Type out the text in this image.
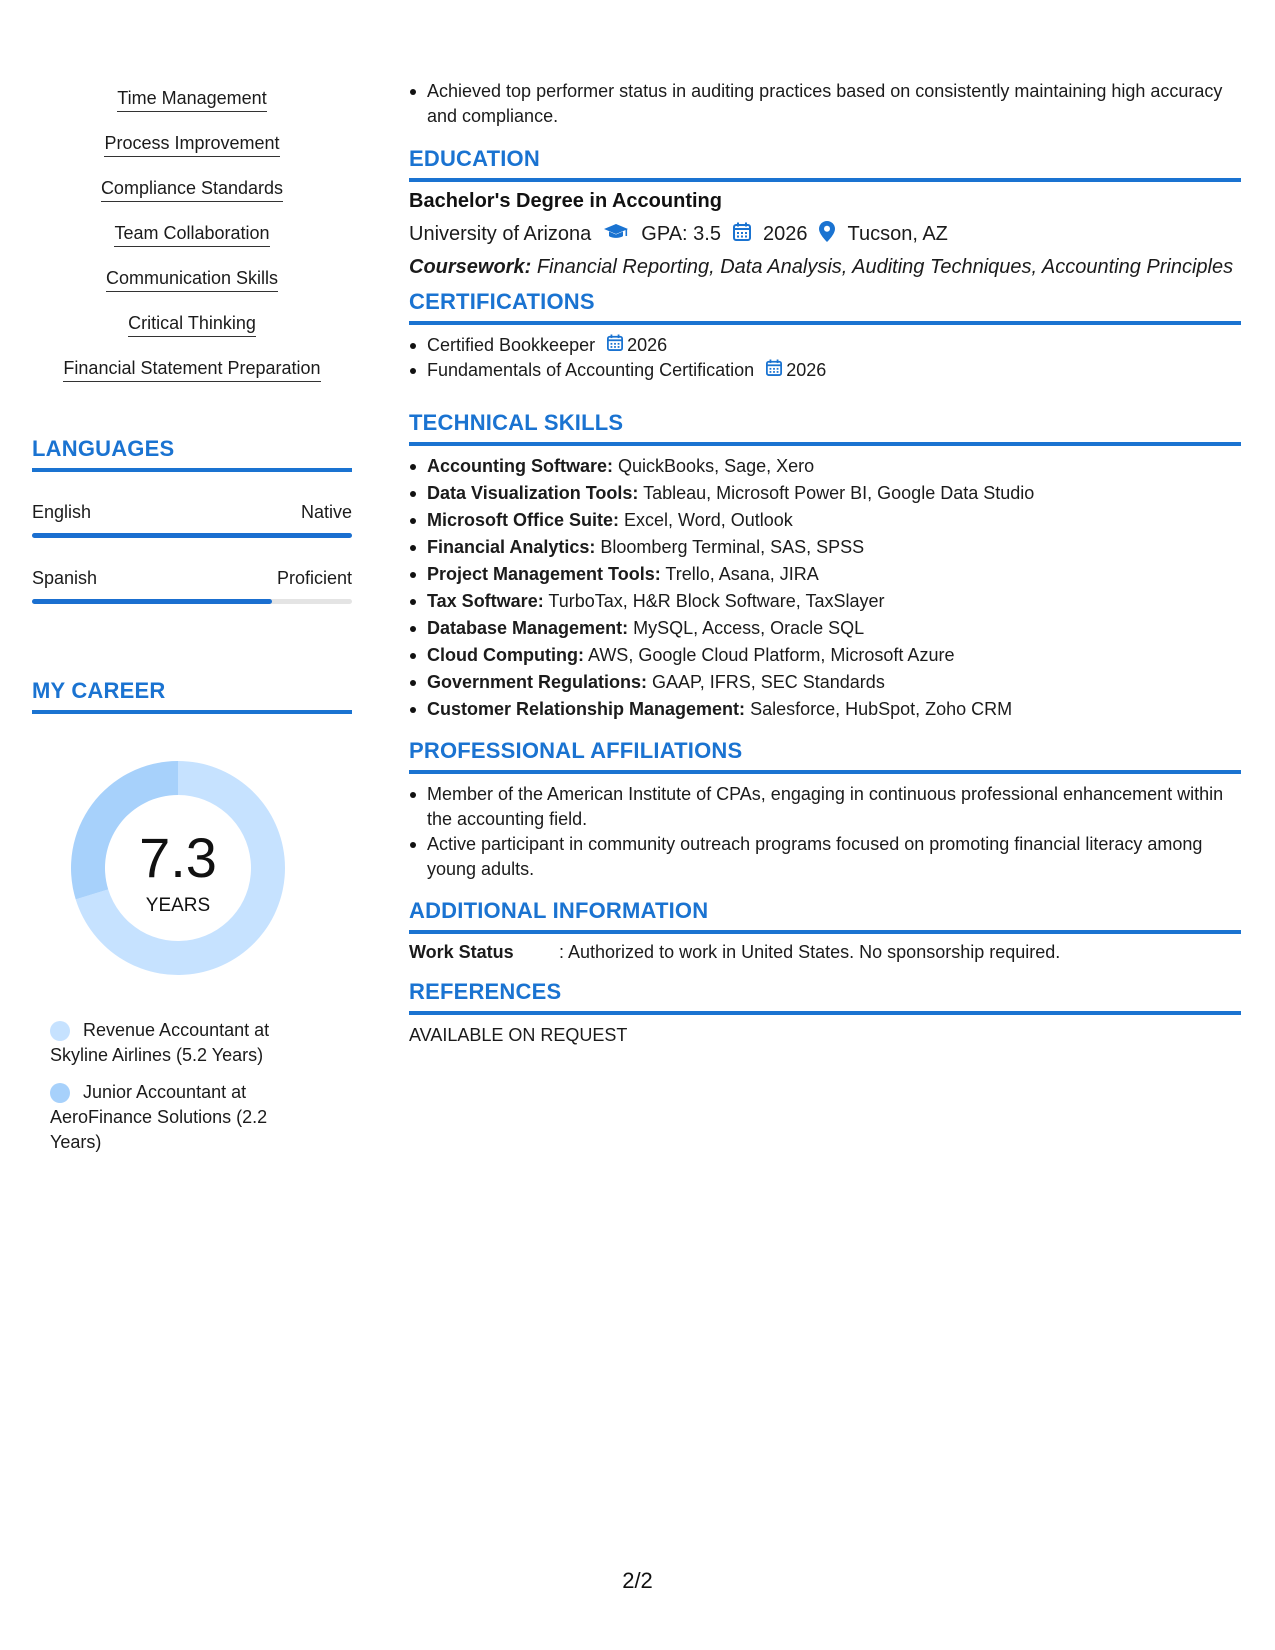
Time Management
Process Improvement
Compliance Standards
Team Collaboration
Communication Skills
Critical Thinking
Financial Statement Preparation
LANGUAGES
English	Native
Spanish	Proficient
MY CAREER
7.3
YEARS
Revenue Accountant at Skyline Airlines (5.2 Years)
Junior Accountant at AeroFinance Solutions (2.2 Years)
Achieved top performer status in auditing practices based on consistently maintaining high accuracy and compliance.
EDUCATION
Bachelor's Degree in Accounting
University of Arizona	GPA: 3.5 2026 Tucson, AZ
Coursework: Financial Reporting, Data Analysis, Auditing Techniques, Accounting Principles
CERTIFICATIONS
Certified Bookkeeper 2026
Fundamentals of Accounting Certification 2026
TECHNICAL SKILLS
Accounting Software: QuickBooks, Sage, Xero
Data Visualization Tools: Tableau, Microsoft Power BI, Google Data Studio
Microsoft Office Suite: Excel, Word, Outlook
Financial Analytics: Bloomberg Terminal, SAS, SPSS
Project Management Tools: Trello, Asana, JIRA
Tax Software: TurboTax, H&R Block Software, TaxSlayer
Database Management: MySQL, Access, Oracle SQL
Cloud Computing: AWS, Google Cloud Platform, Microsoft Azure
Government Regulations: GAAP, IFRS, SEC Standards
Customer Relationship Management: Salesforce, HubSpot, Zoho CRM
PROFESSIONAL AFFILIATIONS
Member of the American Institute of CPAs, engaging in continuous professional enhancement within the accounting field.
Active participant in community outreach programs focused on promoting financial literacy among young adults.
ADDITIONAL INFORMATION
Work Status	: Authorized to work in United States. No sponsorship required.
REFERENCES
AVAILABLE ON REQUEST
2/2
